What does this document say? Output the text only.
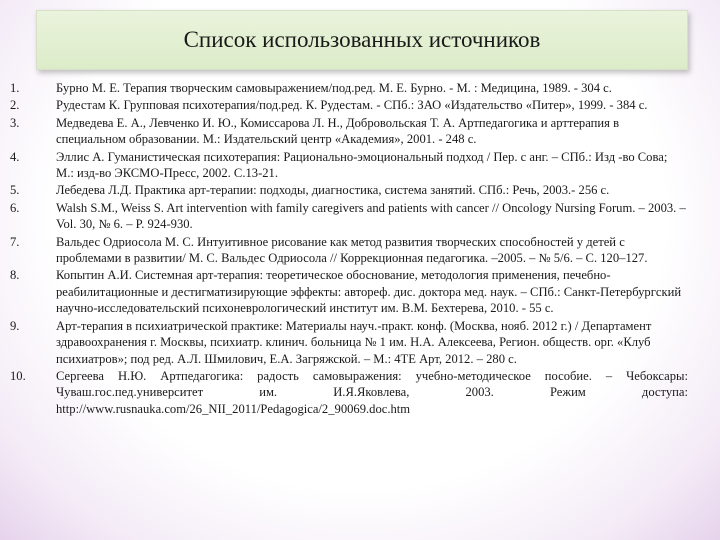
Список использованных источников
1.	Бурно М. Е. Терапия творческим самовыражением/под.ред. М. Е. Бурно. - М. : Медицина, 1989. - 304 с.
2.	Рудестам К. Групповая психотерапия/под.ред. К. Рудестам. - СПб.: ЗАО «Издательство «Питер», 1999. - 384 с.
3.	Медведева Е. А., Левченко И. Ю., Комиссарова Л. Н., Добровольская Т. А. Артпедагогика и арттерапия в специальном образовании. М.: Издательский центр «Академия», 2001. - 248 с.
4.	Эллис А. Гуманистическая психотерапия: Рационально-эмоциональный подход / Пер. с анг. – СПб.: Изд -во Сова; М.: изд-во ЭКСМО-Пресс, 2002. С.13-21.
5.	Лебедева Л.Д. Практика арт-терапии: подходы, диагностика, система занятий. СПб.: Речь, 2003.- 256 с.
6.	Walsh S.M., Weiss S. Art intervention with family caregivers and patients with cancer // Oncology Nursing Forum. – 2003. – Vol. 30, № 6. – P. 924-930.
7.	Вальдес Одриосола М. С. Интуитивное рисование как метод развития творческих способностей у детей с проблемами в развитии/ М. С. Вальдес Одриосола // Коррекционная педагогика. –2005. – № 5/6. – С. 120–127.
8.	Копытин А.И. Системная арт-терапия: теоретическое обоснование, методология применения, печебно-реабилитационные и дестигматизирующие эффекты: автореф. дис. доктора мед. наук. – СПб.: Санкт-Петербургский научно-исследовательский психоневрологический институт им. В.М. Бехтерева, 2010. - 55 с.
9.	Арт-терапия в психиатрической практике: Материалы науч.-практ. конф. (Москва, нояб. 2012 г.) / Департамент здравоохранения г. Москвы, психиатр. клинич. больница № 1 им. Н.А. Алексеева, Регион. обществ. орг. «Клуб психиатров»; под ред. А.Л. Шмилович, Е.А. Загряжской. – М.: 4ТЕ Арт, 2012. – 280 с.
10.	Сергеева Н.Ю. Артпедагогика: радость самовыражения: учебно-методическое пособие. – Чебоксары:
Чуваш.гос.пед.университет им. И.Я.Яковлева, 2003. Режим доступа:
http://www.rusnauka.com/26_NII_2011/Pedagogica/2_90069.doc.htm
